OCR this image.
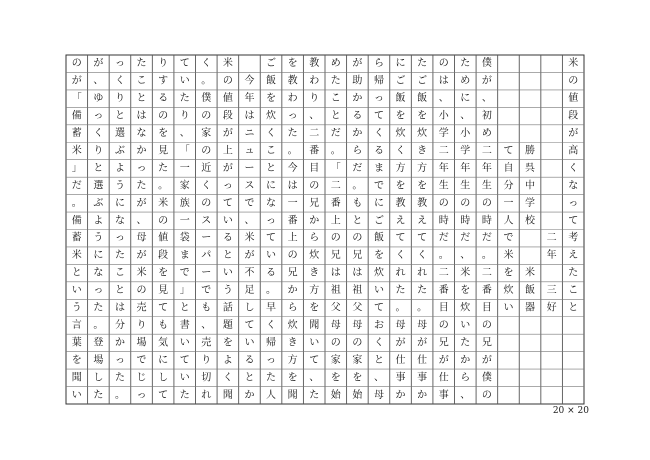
米
の
値
段
が
高
く
な
っ
て
考
え
た
こ
と
二
年
三
好
勝
呉
中
学
校
米
飯
器
て
自
分
一
人
で
米
を
炊
い
僕
が
、
初
め
二
年
生
の
時
だ
。
二
番
目
の
兄
が
僕
の
た
め
に
、
小
学
年
生
の
時
だ
、
米
を
炊
い
た
か
ら
、
の
は
、
小
学
二
年
生
の
時
だ
。
二
番
目
の
兄
が
仕
事
た
ご
飯
を
炊
き
方
を
教
え
て
く
れ
た
。
母
が
仕
事
か
に
ご
飯
を
炊
く
方
を
教
え
て
く
れ
た
。
母
が
仕
事
か
ら
帰
っ
て
く
る
ま
で
に
ご
飯
を
炊
い
て
お
く
と
、
母
が
助
か
る
か
ら
だ
。
も
と
の
兄
は
祖
父
母
の
家
を
始
め
た
こ
と
だ
。
「
二
番
上
の
兄
は
祖
父
母
の
家
を
始
教
わ
り
、
二
番
目
の
兄
か
ら
炊
き
方
を
聞
い
て
、
た
を
教
わ
っ
た
。
今
は
一
番
上
の
兄
か
ら
炊
き
方
を
聞
ご
飯
を
炊
く
こ
と
に
な
っ
て
い
る
。
早
く
帰
っ
た
人
今
年
は
ニ
ュ
ー
ス
で
、
米
が
不
足
し
て
い
る
と
か
米
の
値
段
が
上
が
っ
て
い
る
と
い
う
話
題
を
よ
く
聞
く
。
僕
の
家
の
近
く
の
ス
ー
パ
ー
で
も
、
売
り
切
れ
て
い
た
り
、
「
一
家
族
一
袋
ま
で
」
と
書
い
て
い
た
り
す
る
の
を
見
た
。
米
の
値
段
を
見
て
も
気
に
し
て
た
こ
と
は
な
か
っ
た
が
、
母
が
米
の
売
り
場
で
じ
っ
っ
く
り
と
選
ぶ
よ
う
に
な
っ
た
こ
と
は
分
か
っ
た
。
が
、
ゆ
っ
く
り
と
選
ぶ
よ
う
に
な
っ
た
。
登
場
し
た
の
が
「
備
蓄
米
」
だ
。
備
蓄
米
と
い
う
言
葉
を
聞
い
20 × 20
